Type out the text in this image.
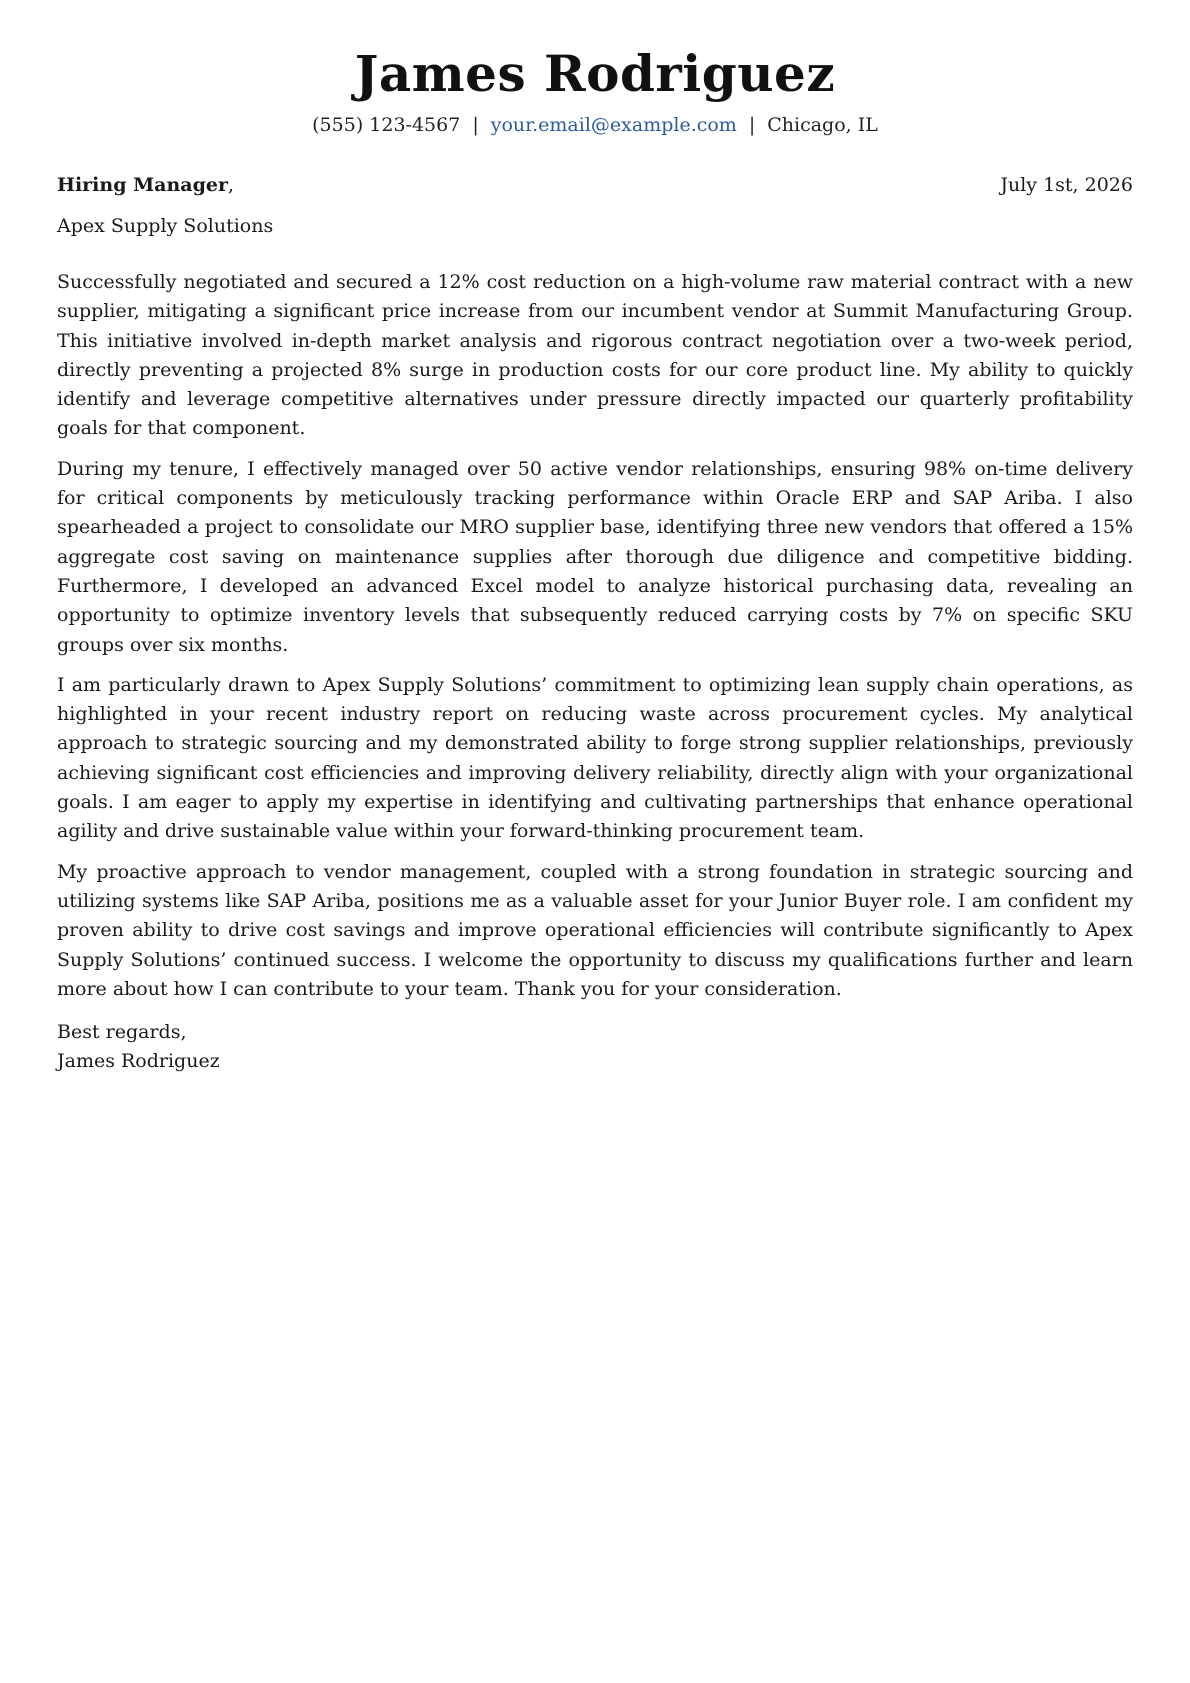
James Rodriguez
(555) 123-4567 | your.email@example.com | Chicago, IL
Hiring Manager,	July 1st, 2026
Apex Supply Solutions

Successfully negotiated and secured a 12% cost reduction on a high-volume raw material contract with a new supplier, mitigating a significant price increase from our incumbent vendor at Summit Manufacturing Group. This initiative involved in-depth market analysis and rigorous contract negotiation over a two-week period, directly preventing a projected 8% surge in production costs for our core product line. My ability to quickly identify and leverage competitive alternatives under pressure directly impacted our quarterly profitability goals for that component.

During my tenure, I effectively managed over 50 active vendor relationships, ensuring 98% on-time delivery for critical components by meticulously tracking performance within Oracle ERP and SAP Ariba. I also spearheaded a project to consolidate our MRO supplier base, identifying three new vendors that offered a 15% aggregate cost saving on maintenance supplies after thorough due diligence and competitive bidding. Furthermore, I developed an advanced Excel model to analyze historical purchasing data, revealing an opportunity to optimize inventory levels that subsequently reduced carrying costs by 7% on specific SKU groups over six months.

I am particularly drawn to Apex Supply Solutions’ commitment to optimizing lean supply chain operations, as highlighted in your recent industry report on reducing waste across procurement cycles. My analytical approach to strategic sourcing and my demonstrated ability to forge strong supplier relationships, previously achieving significant cost efficiencies and improving delivery reliability, directly align with your organizational goals. I am eager to apply my expertise in identifying and cultivating partnerships that enhance operational agility and drive sustainable value within your forward-thinking procurement team.

My proactive approach to vendor management, coupled with a strong foundation in strategic sourcing and utilizing systems like SAP Ariba, positions me as a valuable asset for your Junior Buyer role. I am confident my proven ability to drive cost savings and improve operational efficiencies will contribute significantly to Apex Supply Solutions’ continued success. I welcome the opportunity to discuss my qualifications further and learn more about how I can contribute to your team. Thank you for your consideration.

Best regards,
James Rodriguez
